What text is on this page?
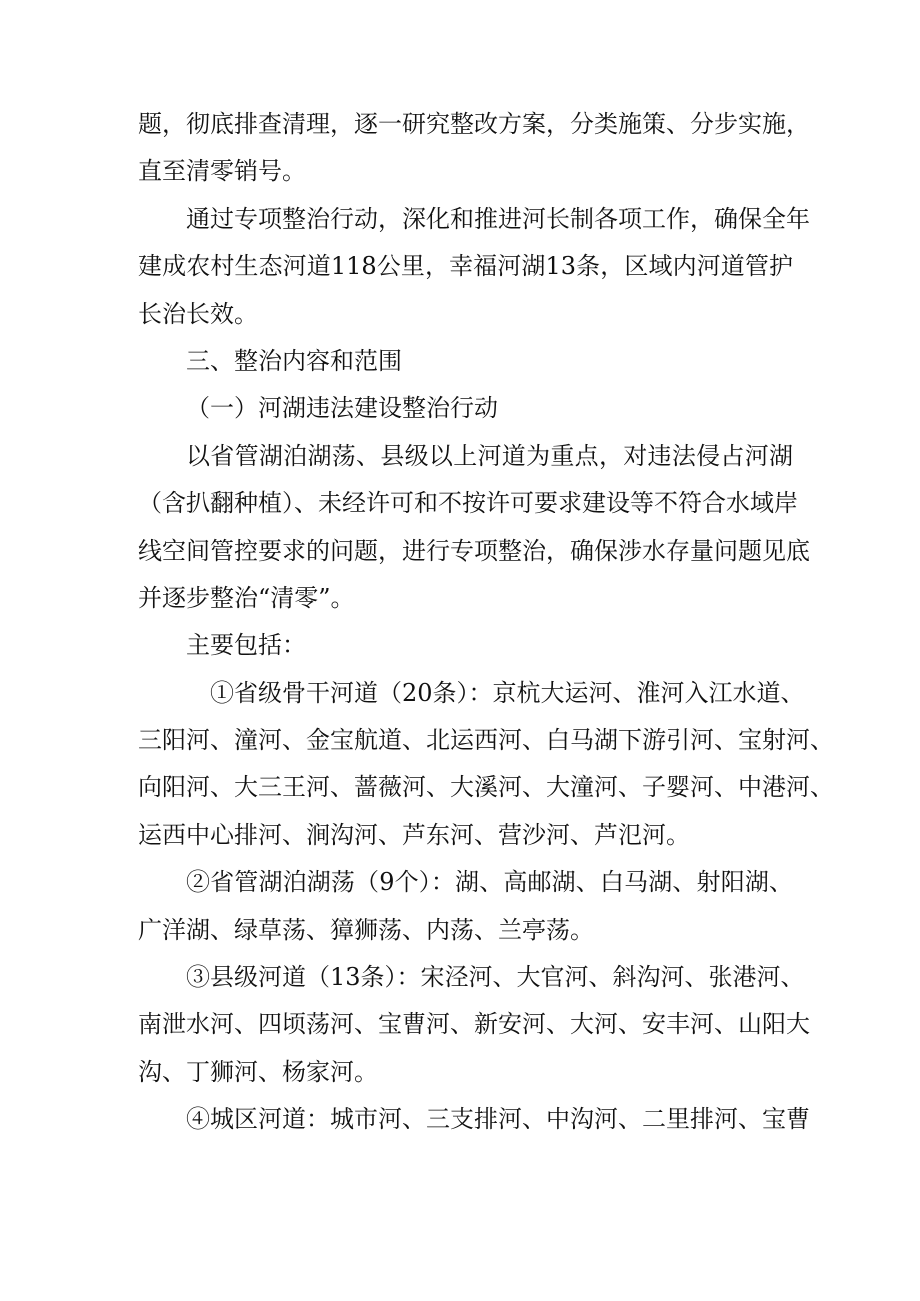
题，彻底排查清理，逐一研究整改方案，分类施策、分步实施，
直至清零销号。
通过专项整治行动，深化和推进河长制各项工作，确保全年
建成农村生态河道118公里，幸福河湖13条，区域内河道管护
长治长效。
三、整治内容和范围
（一）河湖违法建设整治行动
以省管湖泊湖荡、县级以上河道为重点，对违法侵占河湖
（含扒翻种植）、未经许可和不按许可要求建设等不符合水域岸
线空间管控要求的问题，进行专项整治，确保涉水存量问题见底
并逐步整治“清零”。
主要包括：
①省级骨干河道（20条）：京杭大运河、淮河入江水道、
三阳河、潼河、金宝航道、北运西河、白马湖下游引河、宝射河、
向阳河、大三王河、蔷薇河、大溪河、大潼河、子婴河、中港河、
运西中心排河、涧沟河、芦东河、营沙河、芦氾河。
②省管湖泊湖荡（9个）：湖、高邮湖、白马湖、射阳湖、
广洋湖、绿草荡、獐狮荡、内荡、兰亭荡。
③县级河道（13条）：宋泾河、大官河、斜沟河、张港河、
南泄水河、四顷荡河、宝曹河、新安河、大河、安丰河、山阳大
沟、丁狮河、杨家河。
④城区河道：城市河、三支排河、中沟河、二里排河、宝曹
